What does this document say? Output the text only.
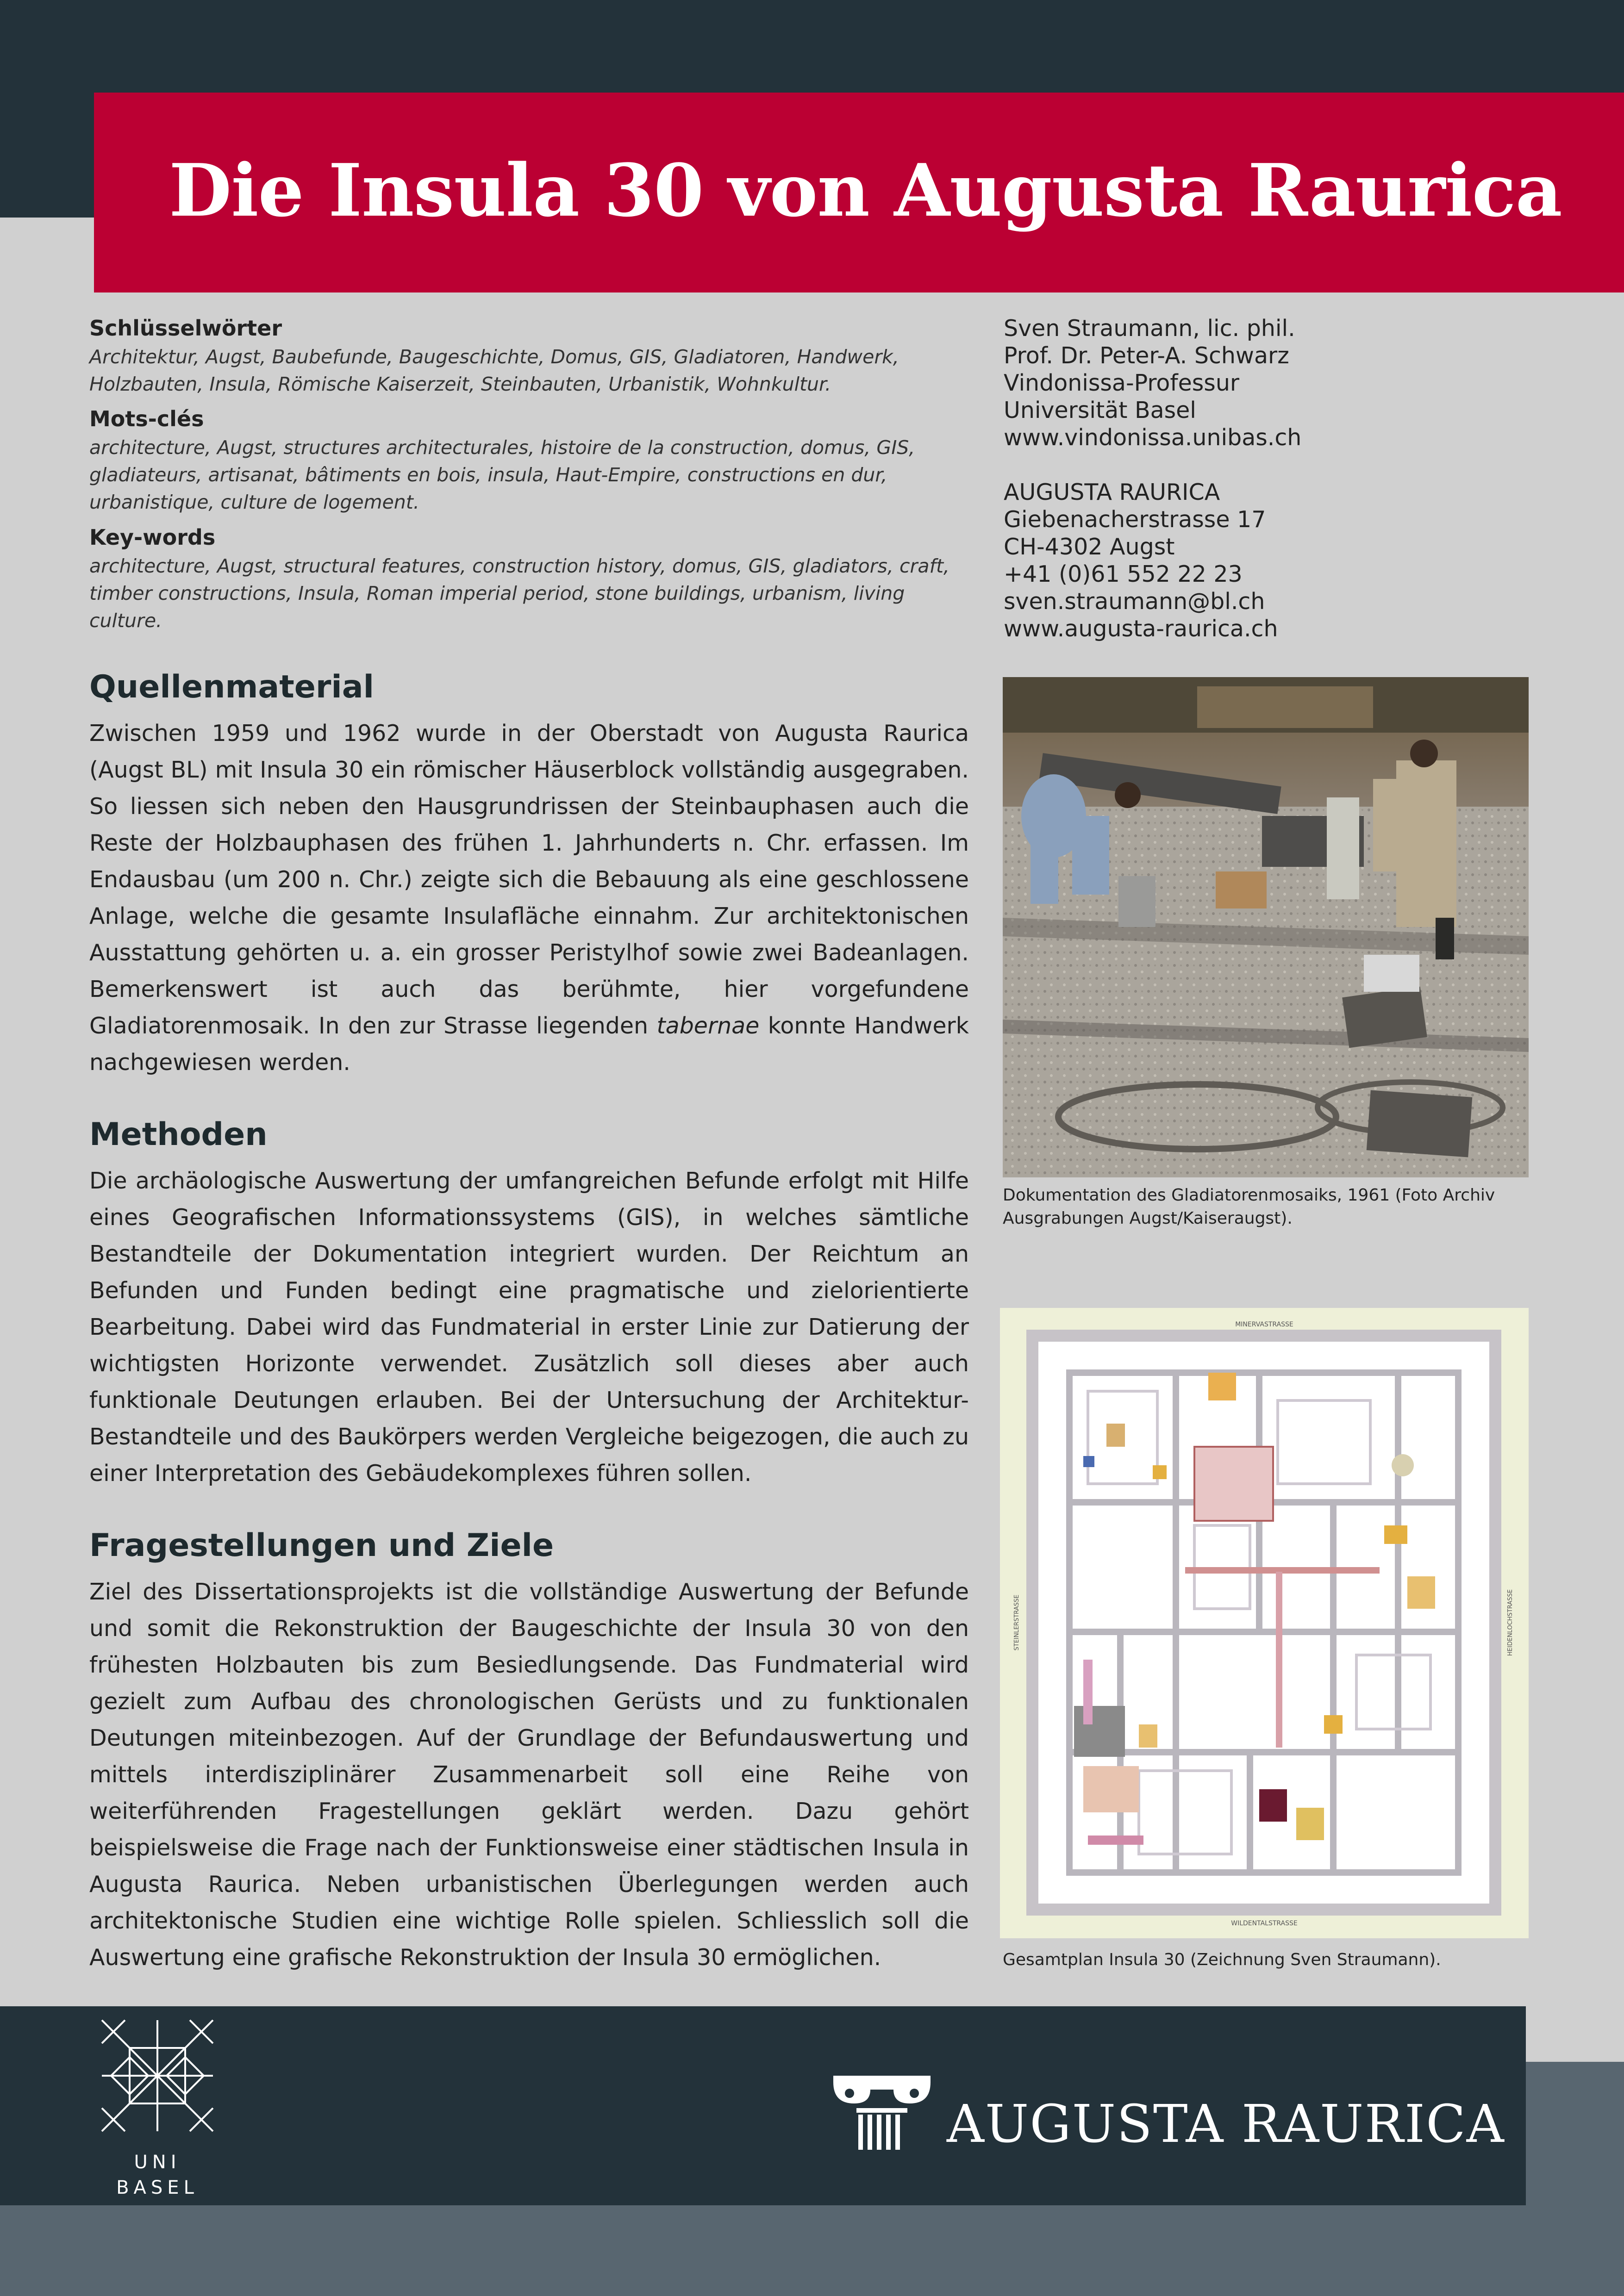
Die Insula 30 von Augusta Raurica

Schlüsselwörter

Architektur, Augst, Baubefunde, Baugeschichte, Domus, GIS, Gladiatoren, Handwerk, Holzbauten, Insula, Römische Kaiserzeit, Steinbauten, Urbanistik, Wohnkultur.

Mots-clés

architecture, Augst, structures architecturales, histoire de la construction, domus, GIS, gladiateurs, artisanat, bâtiments en bois, insula, Haut-Empire, constructions en dur, urbanistique, culture de logement.

Key-words

architecture, Augst, structural features, construction history, domus, GIS, gladiators, craft, timber constructions, Insula, Roman imperial period, stone buildings, urbanism, living culture.

Sven Straumann, lic. phil.
Prof. Dr. Peter-A. Schwarz
Vindonissa-Professur
Universität Basel
www.vindonissa.unibas.ch
AUGUSTA RAURICA
Giebenacherstrasse 17
CH-4302 Augst
+41 (0)61 552 22 23
sven.straumann@bl.ch
www.augusta-raurica.ch
Quellenmaterial

Zwischen 1959 und 1962 wurde in der Oberstadt von Augusta Raurica (Augst BL) mit Insula 30 ein römischer Häuserblock vollständig ausgegraben. So liessen sich neben den Hausgrundrissen der Steinbauphasen auch die Reste der Holzbauphasen des frühen 1. Jahrhunderts n. Chr. erfassen. Im Endausbau (um 200 n. Chr.) zeigte sich die Bebauung als eine geschlossene Anlage, welche die gesamte Insulafläche einnahm. Zur architektonischen Ausstattung gehörten u. a. ein grosser Peristylhof sowie zwei Badeanlagen. Bemerkenswert ist auch das berühmte, hier vorgefundene Gladiatorenmosaik. In den zur Strasse liegenden tabernae konnte Handwerk nachgewiesen werden.

Methoden

Die archäologische Auswertung der umfangreichen Befunde erfolgt mit Hilfe eines Geografischen Informationssystems (GIS), in welches sämtliche Bestandteile der Dokumentation integriert wurden. Der Reichtum an Befunden und Funden bedingt eine pragmatische und zielorientierte Bearbeitung. Dabei wird das Fundmaterial in erster Linie zur Datierung der wichtigsten Horizonte verwendet. Zusätzlich soll dieses aber auch funktionale Deutungen erlauben. Bei der Untersuchung der Architektur-Bestandteile und des Baukörpers werden Vergleiche beigezogen, die auch zu einer Interpretation des Gebäudekomplexes führen sollen.

Fragestellungen und Ziele

Ziel des Dissertationsprojekts ist die vollständige Auswertung der Befunde und somit die Rekonstruktion der Baugeschichte der Insula 30 von den frühesten Holzbauten bis zum Besiedlungsende. Das Fundmaterial wird gezielt zum Aufbau des chronologischen Gerüsts und zu funktionalen Deutungen miteinbezogen. Auf der Grundlage der Befundauswertung und mittels interdisziplinärer Zusammenarbeit soll eine Reihe von weiterführenden Fragestellungen geklärt werden. Dazu gehört beispielsweise die Frage nach der Funktionsweise einer städtischen Insula in Augusta Raurica. Neben urbanistischen Überlegungen werden auch architektonische Studien eine wichtige Rolle spielen. Schliesslich soll die Auswertung eine grafische Rekonstruktion der Insula 30 ermöglichen.

Dokumentation des Gladiatorenmosaiks, 1961 (Foto Archiv Ausgrabungen Augst/Kaiseraugst).

MINERVASTRASSE
WILDENTALSTRASSE
STEINLERSTRASSE	HEIDENLOCHSTRASSE

Gesamtplan Insula 30 (Zeichnung Sven Straumann).

UNI
BASEL

AUGUSTA RAURICA
